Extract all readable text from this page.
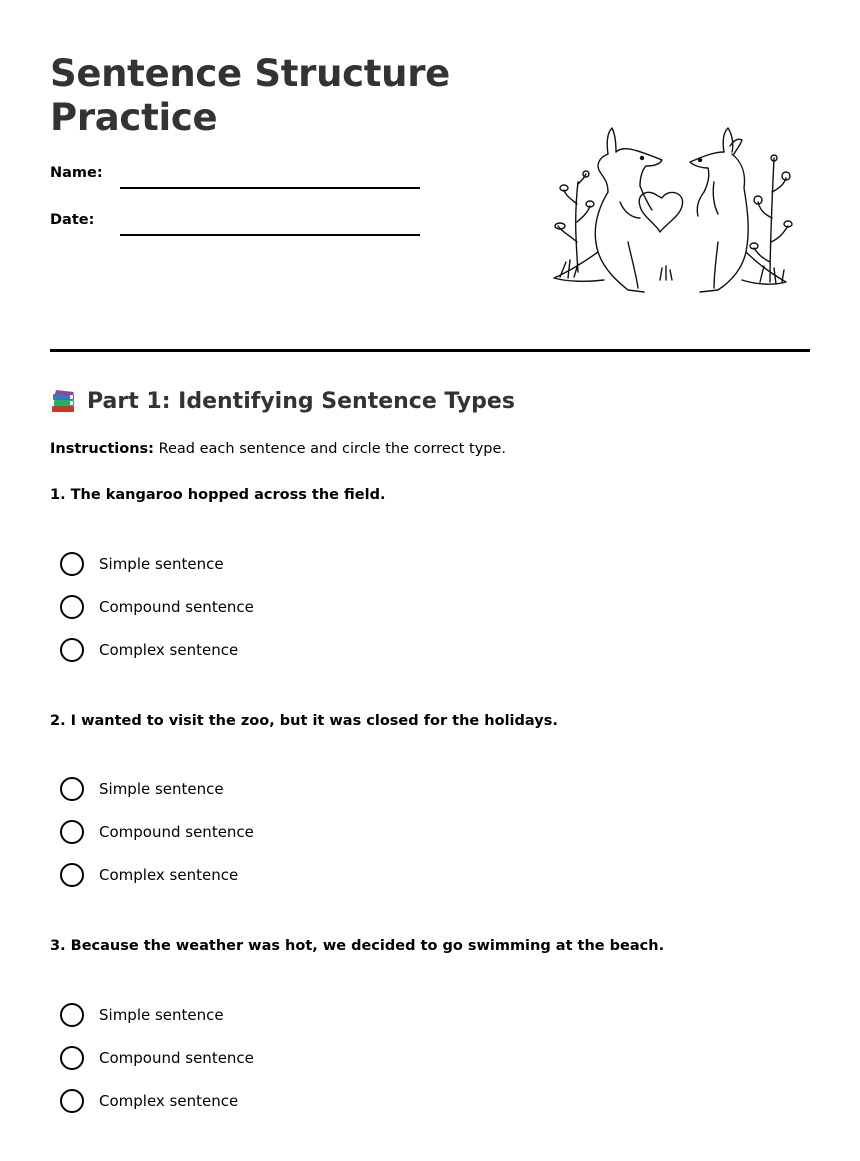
Sentence Structure Practice
Name:
Date:
Part 1: Identifying Sentence Types
Instructions: Read each sentence and circle the correct type.
1. The kangaroo hopped across the field.
Simple sentence
Compound sentence
Complex sentence
2. I wanted to visit the zoo, but it was closed for the holidays.
Simple sentence
Compound sentence
Complex sentence
3. Because the weather was hot, we decided to go swimming at the beach.
Simple sentence
Compound sentence
Complex sentence
